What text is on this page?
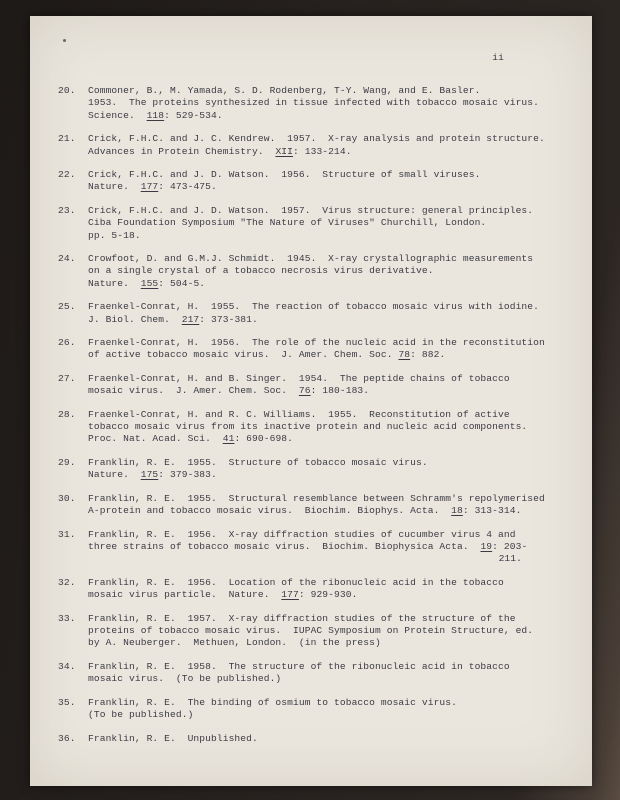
ii
20.	Commoner, B., M. Yamada, S. D. Rodenberg, T-Y. Wang, and E. Basler.
1953.  The proteins synthesized in tissue infected with tobacco mosaic virus.
Science.  118: 529-534.
21.	Crick, F.H.C. and J. C. Kendrew.  1957.  X-ray analysis and protein structure.
Advances in Protein Chemistry.  XII: 133-214.
22.	Crick, F.H.C. and J. D. Watson.  1956.  Structure of small viruses.
Nature.  177: 473-475.
23.	Crick, F.H.C. and J. D. Watson.  1957.  Virus structure: general principles.
Ciba Foundation Symposium "The Nature of Viruses" Churchill, London.
pp. 5-18.
24.	Crowfoot, D. and G.M.J. Schmidt.  1945.  X-ray crystallographic measurements
on a single crystal of a tobacco necrosis virus derivative.
Nature.  155: 504-5.
25.	Fraenkel-Conrat, H.  1955.  The reaction of tobacco mosaic virus with iodine.
J. Biol. Chem.  217: 373-381.
26.	Fraenkel-Conrat, H.  1956.  The role of the nucleic acid in the reconstitution
of active tobacco mosaic virus.  J. Amer. Chem. Soc. 78: 882.
27.	Fraenkel-Conrat, H. and B. Singer.  1954.  The peptide chains of tobacco
mosaic virus.  J. Amer. Chem. Soc.  76: 180-183.
28.	Fraenkel-Conrat, H. and R. C. Williams.  1955.  Reconstitution of active
tobacco mosaic virus from its inactive protein and nucleic acid components.
Proc. Nat. Acad. Sci.  41: 690-698.
29.	Franklin, R. E.  1955.  Structure of tobacco mosaic virus.
Nature.  175: 379-383.
30.	Franklin, R. E.  1955.  Structural resemblance between Schramm's repolymerised
A-protein and tobacco mosaic virus.  Biochim. Biophys. Acta.  18: 313-314.
31.	Franklin, R. E.  1956.  X-ray diffraction studies of cucumber virus 4 and
three strains of tobacco mosaic virus.  Biochim. Biophysica Acta.  19: 203-
211.
32.	Franklin, R. E.  1956.  Location of the ribonucleic acid in the tobacco
mosaic virus particle.  Nature.  177: 929-930.
33.	Franklin, R. E.  1957.  X-ray diffraction studies of the structure of the
proteins of tobacco mosaic virus.  IUPAC Symposium on Protein Structure, ed.
by A. Neuberger.  Methuen, London.  (in the press)
34.	Franklin, R. E.  1958.  The structure of the ribonucleic acid in tobacco
mosaic virus.  (To be published.)
35.	Franklin, R. E.  The binding of osmium to tobacco mosaic virus.
(To be published.)
36.	Franklin, R. E.  Unpublished.
